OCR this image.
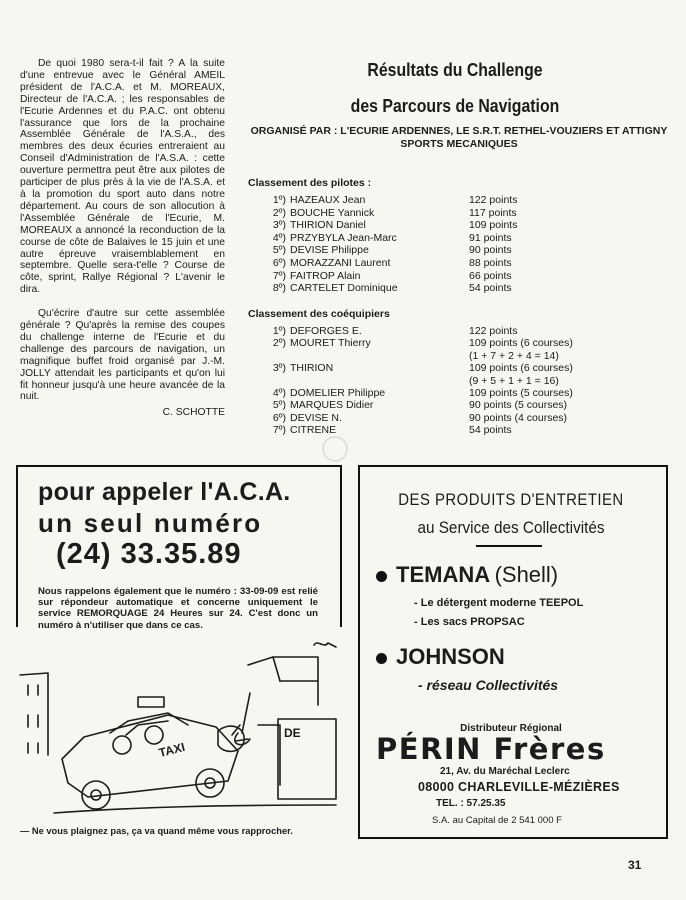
De quoi 1980 sera-t-il fait ? A la suite d'une entrevue avec le Général AMEIL président de l'A.C.A. et M. MOREAUX, Directeur de l'A.C.A. ; les responsables de l'Ecurie Ardennes et du P.A.C. ont obtenu l'assurance que lors de la prochaine Assemblée Générale de l'A.S.A., des membres des deux écuries entreraient au Conseil d'Administration de l'A.S.A. : cette ouverture permettra peut être aux pilotes de participer de plus près à la vie de l'A.S.A. et à la promotion du sport auto dans notre département. Au cours de son allocution à l'Assemblée Générale de l'Ecurie, M. MOREAUX a annoncé la reconduction de la course de côte de Balaives le 15 juin et une autre épreuve vraisemblablement en septembre. Quelle sera-t'elle ? Course de côte, sprint, Rallye Régional ? L'avenir le dira.

Qu'écrire d'autre sur cette assemblée générale ? Qu'après la remise des coupes du challenge interne de l'Ecurie et du challenge des parcours de navigation, un magnifique buffet froid organisé par J.-M. JOLLY attendait les participants et qu'on lui fit honneur jusqu'à une heure avancée de la nuit.

C. SCHOTTE
Résultats du Challenge
des Parcours de Navigation
ORGANISÉ PAR : L'ECURIE ARDENNES, LE S.R.T. RETHEL-VOUZIERS ET ATTIGNY SPORTS MECANIQUES
Classement des pilotes :
1º) HAZEAUX Jean	122 points
2º) BOUCHE Yannick	117 points
3º) THIRION Daniel	109 points
4º) PRZYBYLA Jean-Marc	91 points
5º) DEVISE Philippe	90 points
6º) MORAZZANI Laurent	88 points
7º) FAITROP Alain	66 points
8º) CARTELET Dominique	54 points
Classement des coéquipiers
1º) DEFORGES E.	122 points
2º) MOURET Thierry	109 points (6 courses)
(1 + 7 + 2 + 4 = 14)
3º) THIRION	109 points (6 courses)
(9 + 5 + 1 + 1 = 16)
4º) DOMELIER Philippe	109 points (5 courses)
5º) MARQUES Didier	90 points (5 courses)
6º) DEVISE N.	90 points (4 courses)
7º) CITRENE	54 points
pour appeler l'A.C.A.
un seul numéro
(24) 33.35.89
Nous rappelons également que le numéro : 33-09-09 est relié sur répondeur automatique et concerne uniquement le service REMORQUAGE 24 Heures sur 24. C'est donc un numéro à n'utiliser que dans ce cas.
TAXI
DE
— Ne vous plaignez pas, ça va quand même vous rapprocher.
DES PRODUITS D'ENTRETIEN
au Service des Collectivités
TEMANA (Shell)
- Le détergent moderne TEEPOL
- Les sacs PROPSAC
JOHNSON
- réseau Collectivités
Distributeur Régional
PÉRIN Frères
21, Av. du Maréchal Leclerc
08000 CHARLEVILLE-MÉZIÈRES
TEL. : 57.25.35
S.A. au Capital de 2 541 000 F
31
